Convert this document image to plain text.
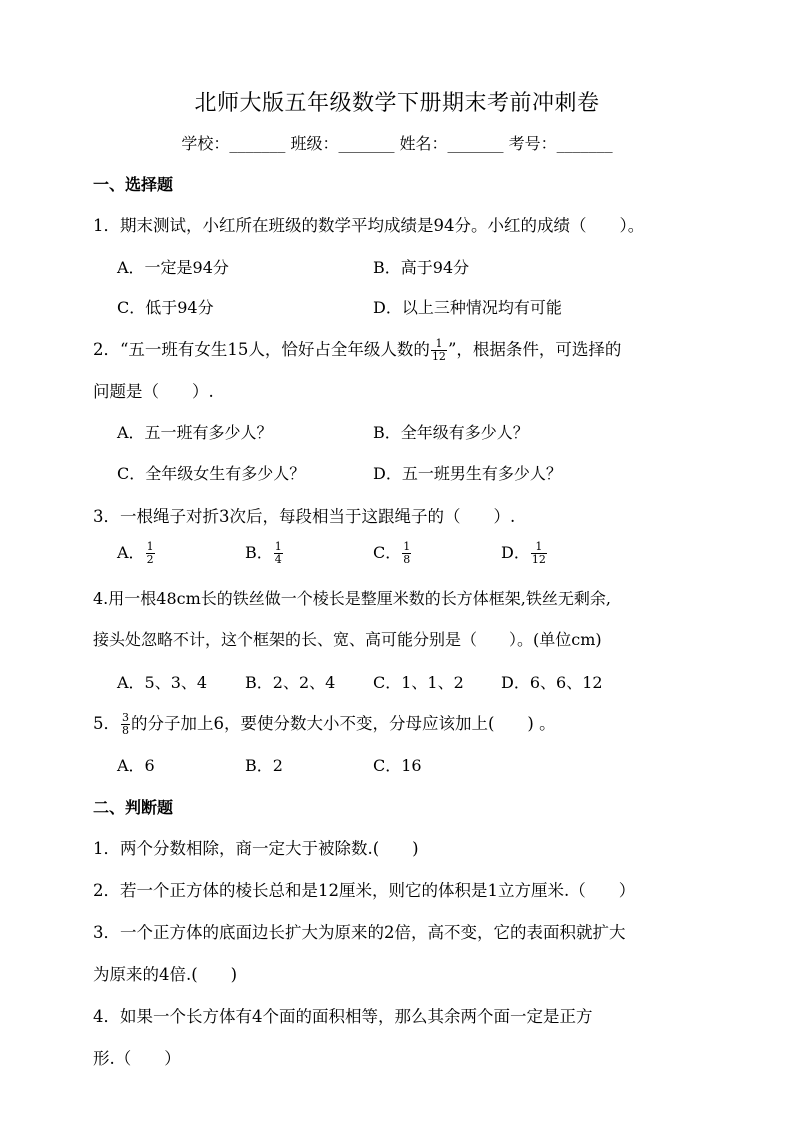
北师大版五年级数学下册期末考前冲刺卷
学校：_______ 班级：_______ 姓名：_______ 考号：_______
一、选择题
1．期末测试，小红所在班级的数学平均成绩是94分。小红的成绩（　　）。
A．一定是94分	B．高于94分
C．低于94分	D．以上三种情况均有可能
2．“五一班有女生15人，恰好占全年级人数的 $\frac{1}{12}$ ”，根据条件，可选择的
问题是（　　）.
A．五一班有多少人？	B．全年级有多少人？
C．全年级女生有多少人？	D．五一班男生有多少人？
3．一根绳子对折3次后，每段相当于这跟绳子的（　　）.
A． $\frac{1}{2}$	B． $\frac{1}{4}$	C． $\frac{1}{8}$	D． $\frac{1}{12}$
4.用一根48cm长的铁丝做一个棱长是整厘米数的长方体框架,铁丝无剩余,
接头处忽略不计，这个框架的长、宽、高可能分别是（　　）。(单位cm)
A．5、3、4 B．2、2、4 C．1、1、2 D．6、6、12
5． $\frac{3}{8}$ 的分子加上6，要使分数大小不变，分母应该加上(　　) 。
A．6	B．2	C．16
二、判断题
1．两个分数相除，商一定大于被除数.(　　)
2．若一个正方体的棱长总和是12厘米，则它的体积是1立方厘米.（　　）
3．一个正方体的底面边长扩大为原来的2倍，高不变，它的表面积就扩大
为原来的4倍.(　　)
4．如果一个长方体有4个面的面积相等，那么其余两个面一定是正方
形.（　　）
